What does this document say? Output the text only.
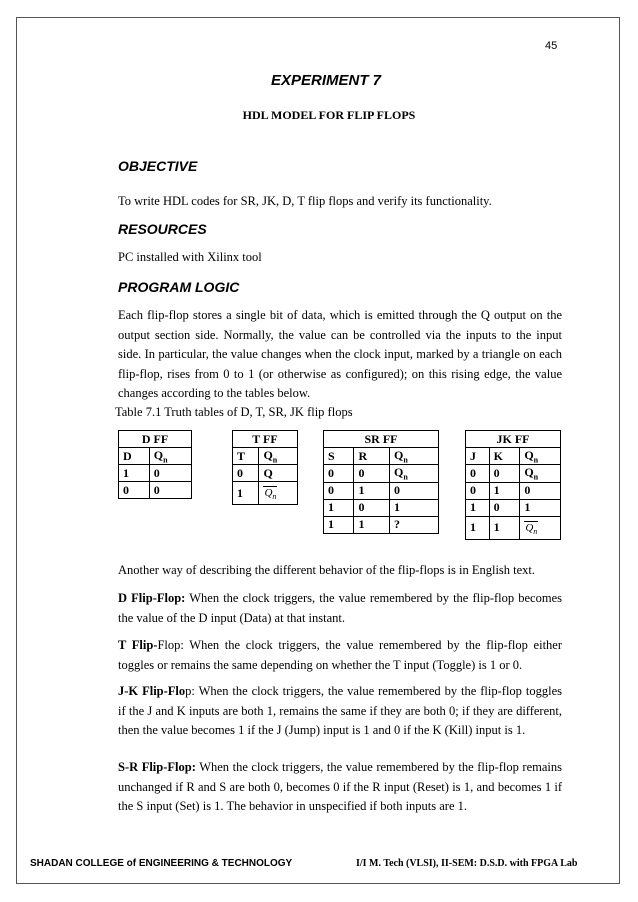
45
EXPERIMENT 7
HDL MODEL FOR FLIP FLOPS
OBJECTIVE
To write HDL codes for SR, JK, D, T flip flops and verify its functionality.
RESOURCES
PC installed with Xilinx tool
PROGRAM LOGIC
Each flip-flop stores a single bit of data, which is emitted through the Q output on the output section side. Normally, the value can be controlled via the inputs to the input side. In particular, the value changes when the clock input, marked by a triangle on each flip-flop, rises from 0 to 1 (or otherwise as configured); on this rising edge, the value changes according to the tables below.
Table 7.1 Truth tables of D, T, SR, JK flip flops
D FF	
D	$Q_n$
1	0
0	0
T FF	
T	$Q_n$
0	Q
1	$Q_n$
SR FF		
S	R	$Q_n$
0	0	$Q_n$
0	1	0
1	0	1
1	1	?
JK FF		
J	K	$Q_n$
0	0	$Q_n$
0	1	0
1	0	1
1	1	$Q_n$
Another way of describing the different behavior of the flip-flops is in English text.
D Flip-Flop: When the clock triggers, the value remembered by the flip-flop becomes the value of the D input (Data) at that instant.
T Flip-Flop: When the clock triggers, the value remembered by the flip-flop either toggles or remains the same depending on whether the T input (Toggle) is 1 or 0.
J-K Flip-Flop: When the clock triggers, the value remembered by the flip-flop toggles if the J and K inputs are both 1, remains the same if they are both 0; if they are different, then the value becomes 1 if the J (Jump) input is 1 and 0 if the K (Kill) input is 1.
S-R Flip-Flop: When the clock triggers, the value remembered by the flip-flop remains unchanged if R and S are both 0, becomes 0 if the R input (Reset) is 1, and becomes 1 if the S input (Set) is 1. The behavior in unspecified if both inputs are 1.
SHADAN COLLEGE of ENGINEERING & TECHNOLOGY	I/I M. Tech (VLSI), II-SEM: D.S.D. with FPGA Lab
